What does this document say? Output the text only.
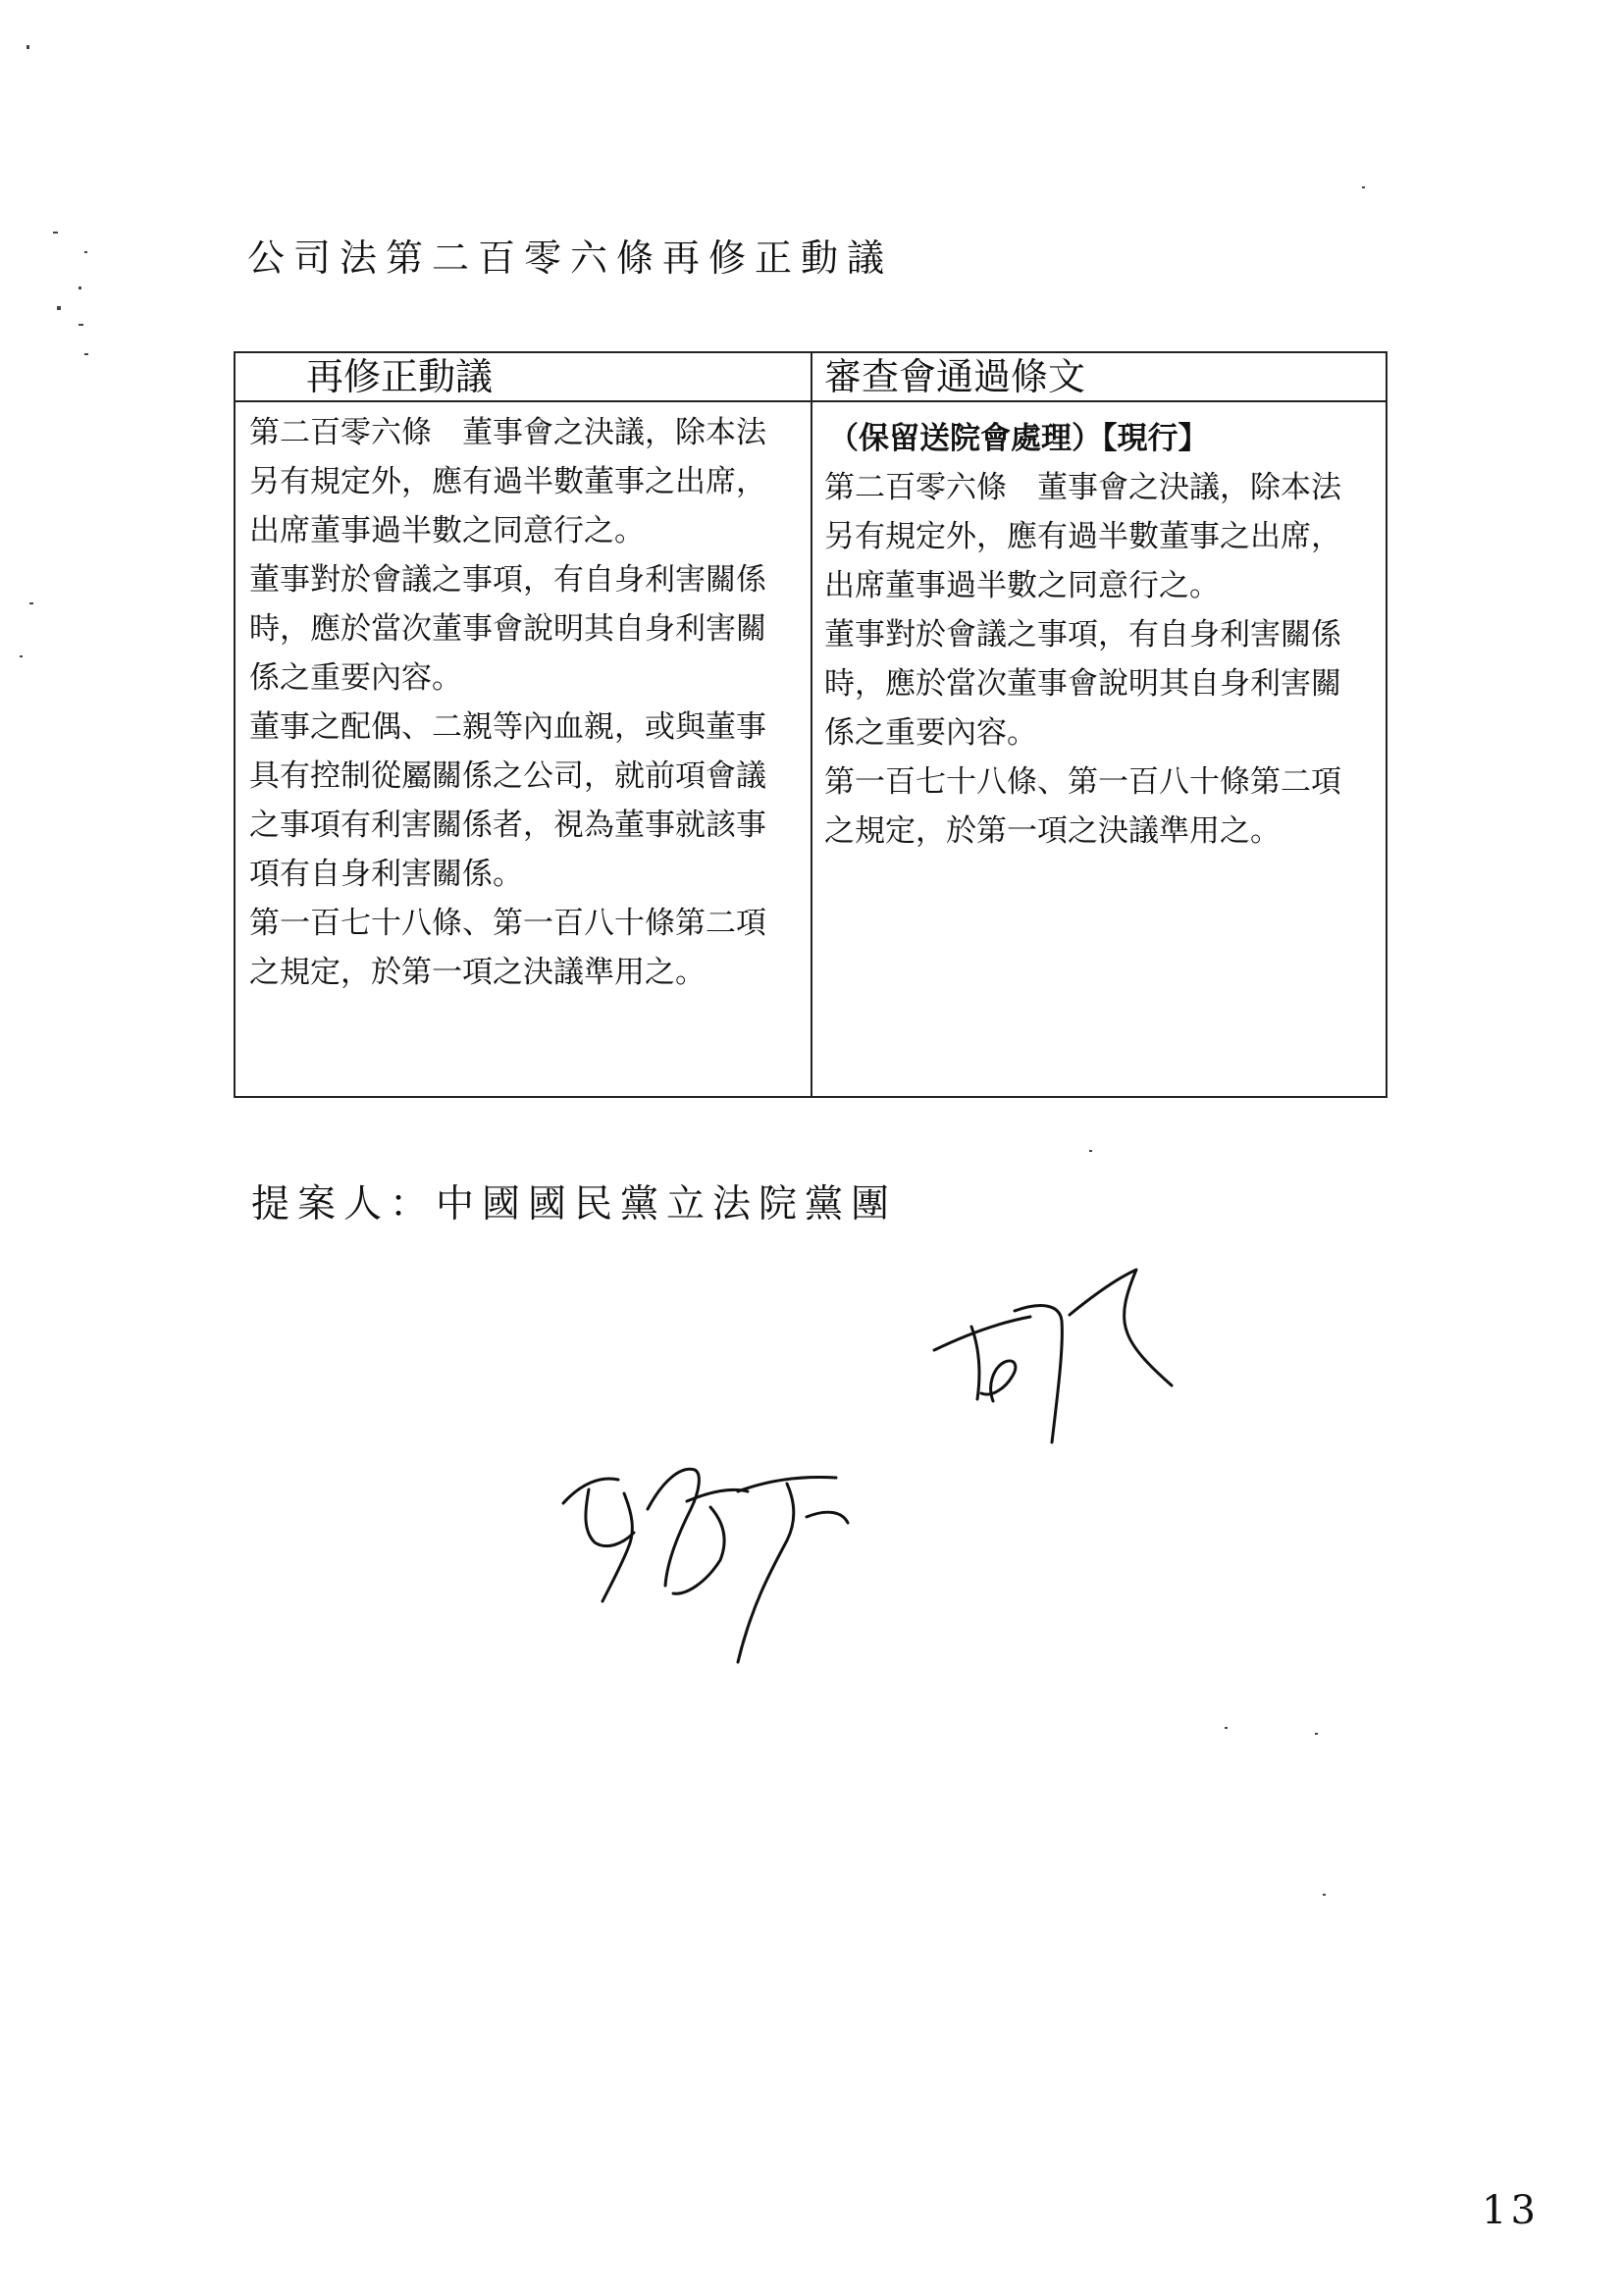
公司法第二百零六條再修正動議
再修正動議	審查會通過條文

第二百零六條　董事會之決議，除本法
另有規定外，應有過半數董事之出席，
出席董事過半數之同意行之。

董事對於會議之事項，有自身利害關係
時，應於當次董事會說明其自身利害關
係之重要內容。

董事之配偶、二親等內血親，或與董事
具有控制從屬關係之公司，就前項會議
之事項有利害關係者，視為董事就該事
項有自身利害關係。

第一百七十八條、第一百八十條第二項
之規定，於第一項之決議準用之。

（保留送院會處理）【現行】

第二百零六條　董事會之決議，除本法
另有規定外，應有過半數董事之出席，
出席董事過半數之同意行之。

董事對於會議之事項，有自身利害關係
時，應於當次董事會說明其自身利害關
係之重要內容。

第一百七十八條、第一百八十條第二項
之規定，於第一項之決議準用之。

提案人：中國國民黨立法院黨團
13
